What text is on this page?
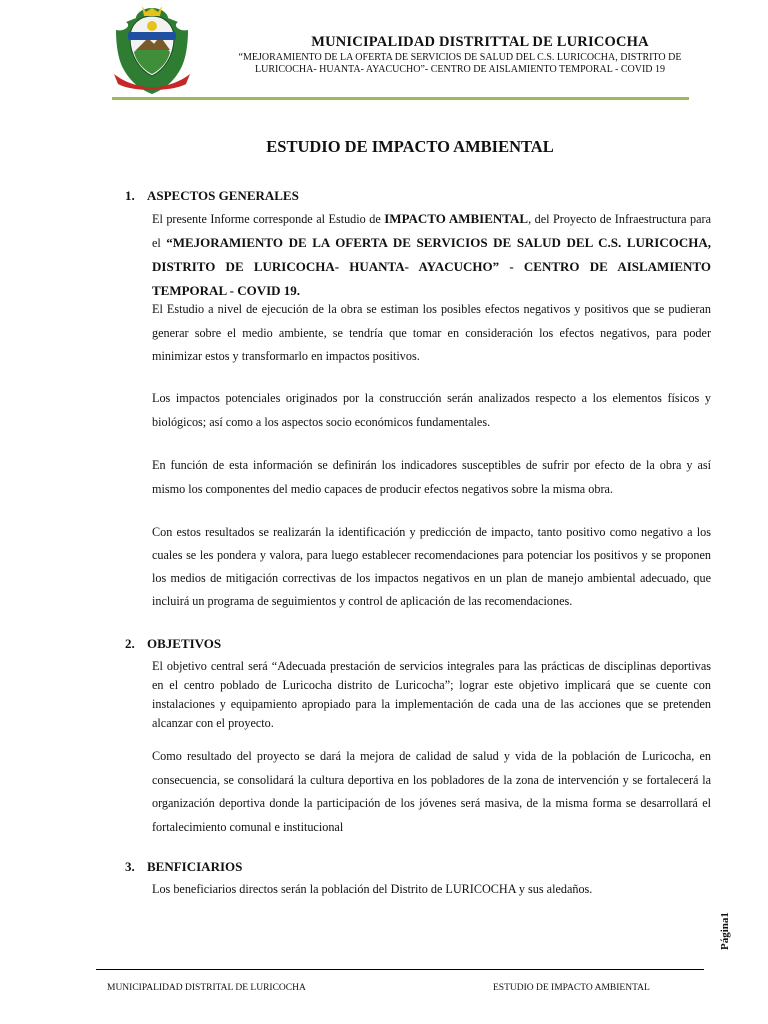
MUNICIPALIDAD DISTRITTAL DE LURICOCHA
“MEJORAMIENTO DE LA OFERTA DE SERVICIOS DE SALUD DEL C.S. LURICOCHA, DISTRITO DE
LURICOCHA- HUANTA- AYACUCHO”- CENTRO DE AISLAMIENTO TEMPORAL - COVID 19
ESTUDIO DE IMPACTO AMBIENTAL
1. ASPECTOS GENERALES
El presente Informe corresponde al Estudio de IMPACTO AMBIENTAL, del Proyecto de Infraestructura para el “MEJORAMIENTO DE LA OFERTA DE SERVICIOS DE SALUD DEL C.S. LURICOCHA, DISTRITO DE LURICOCHA- HUANTA- AYACUCHO” - CENTRO DE AISLAMIENTO TEMPORAL - COVID 19.
El Estudio a nivel de ejecución de la obra se estiman los posibles efectos negativos y positivos que se pudieran generar sobre el medio ambiente, se tendría que tomar en consideración los efectos negativos, para poder minimizar estos y transformarlo en impactos positivos.
Los impactos potenciales originados por la construcción serán analizados respecto a los elementos físicos y biológicos; así como a los aspectos socio económicos fundamentales.
En función de esta información se definirán los indicadores susceptibles de sufrir por efecto de la obra y así mismo los componentes del medio capaces de producir efectos negativos sobre la misma obra.
Con estos resultados se realizarán la identificación y predicción de impacto, tanto positivo como negativo a los cuales se les pondera y valora, para luego establecer recomendaciones para potenciar los positivos y se proponen los medios de mitigación correctivas de los impactos negativos en un plan de manejo ambiental adecuado, que incluirá un programa de seguimientos y control de aplicación de las recomendaciones.
2. OBJETIVOS
El objetivo central será “Adecuada prestación de servicios integrales para las prácticas de disciplinas deportivas en el centro poblado de Luricocha distrito de Luricocha”; lograr este objetivo implicará que se cuente con instalaciones y equipamiento apropiado para la implementación de cada una de las acciones que se pretenden alcanzar con el proyecto.
Como resultado del proyecto se dará la mejora de calidad de salud y vida de la población de Luricocha, en consecuencia, se consolidará la cultura deportiva en los pobladores de la zona de intervención y se fortalecerá la organización deportiva donde la participación de los jóvenes será masiva, de la misma forma se desarrollará el fortalecimiento comunal e institucional
3. BENFICIARIOS
Los beneficiarios directos serán la población del Distrito de LURICOCHA y sus aledaños.
Página1
MUNICIPALIDAD DISTRITAL DE LURICOCHA	ESTUDIO DE IMPACTO AMBIENTAL
